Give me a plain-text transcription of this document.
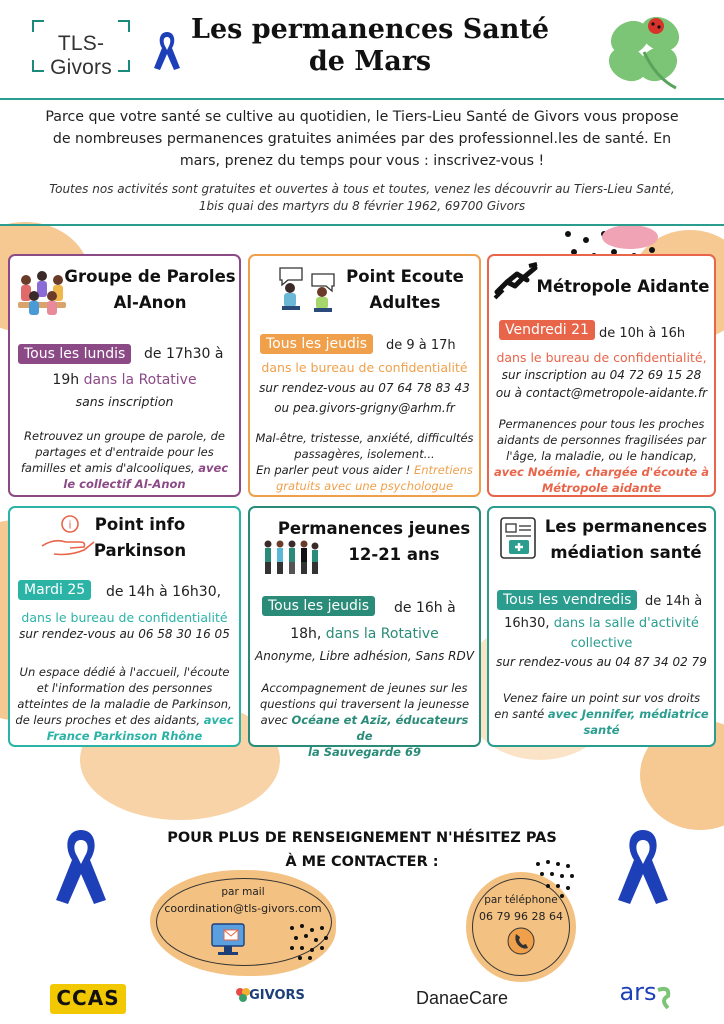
TLS-Givors
Les permanences Santé
de Mars
Parce que votre santé se cultive au quotidien, le Tiers-Lieu Santé de Givors vous propose
de nombreuses permanences gratuites animées par des professionnel.les de santé. En
mars, prenez du temps pour vous : inscrivez-vous !
Toutes nos activités sont gratuites et ouvertes à tous et toutes, venez les découvrir au Tiers-Lieu Santé,
1bis quai des martyrs du 8 février 1962, 69700 Givors
Groupe de Paroles
Al-Anon
Tous les lundis	de 17h30 à
19h dans la Rotative
sans inscription
Retrouvez un groupe de parole, de
partages et d'entraide pour les
familles et amis d'alcooliques, avec
le collectif Al-Anon
Point Ecoute
Adultes
Tous les jeudis	de 9 à 17h
dans le bureau de confidentialité
sur rendez-vous au 07 64 78 83 43
ou pea.givors-grigny@arhm.fr
Mal-être, tristesse, anxiété, difficultés
passagères, isolement...
En parler peut vous aider ! Entretiens
gratuits avec une psychologue
Métropole Aidante
Vendredi 21 de 10h à 16h
dans le bureau de confidentialité,
sur inscription au 04 72 69 15 28
ou à contact@metropole-aidante.fr
Permanences pour tous les proches
aidants de personnes fragilisées par
l'âge, la maladie, ou le handicap,
avec Noémie, chargée d'écoute à
Métropole aidante
i	Point info
Parkinson
Mardi 25	de 14h à 16h30,
dans le bureau de confidentialité
sur rendez-vous au 06 58 30 16 05
Un espace dédié à l'accueil, l'écoute
et l'information des personnes
atteintes de la maladie de Parkinson,
de leurs proches et des aidants, avec
France Parkinson Rhône
Permanences jeunes
12-21 ans
Tous les jeudis	de 16h à
18h, dans la Rotative
Anonyme, Libre adhésion, Sans RDV
Accompagnement de jeunes sur les
questions qui traversent la jeunesse
avec Océane et Aziz, éducateurs de
la Sauvegarde 69
Les permanences
médiation santé
Tous les vendredis	de 14h à
16h30, dans la salle d'activité
collective
sur rendez-vous au 04 87 34 02 79
Venez faire un point sur vos droits
en santé avec Jennifer, médiatrice
santé
POUR PLUS DE RENSEIGNEMENT N'HÉSITEZ PAS
À ME CONTACTER :
par mail
coordination@tls-givors.com
par téléphone
06 79 96 28 64
CCAS	GIVORS	DanaeCare	ars
